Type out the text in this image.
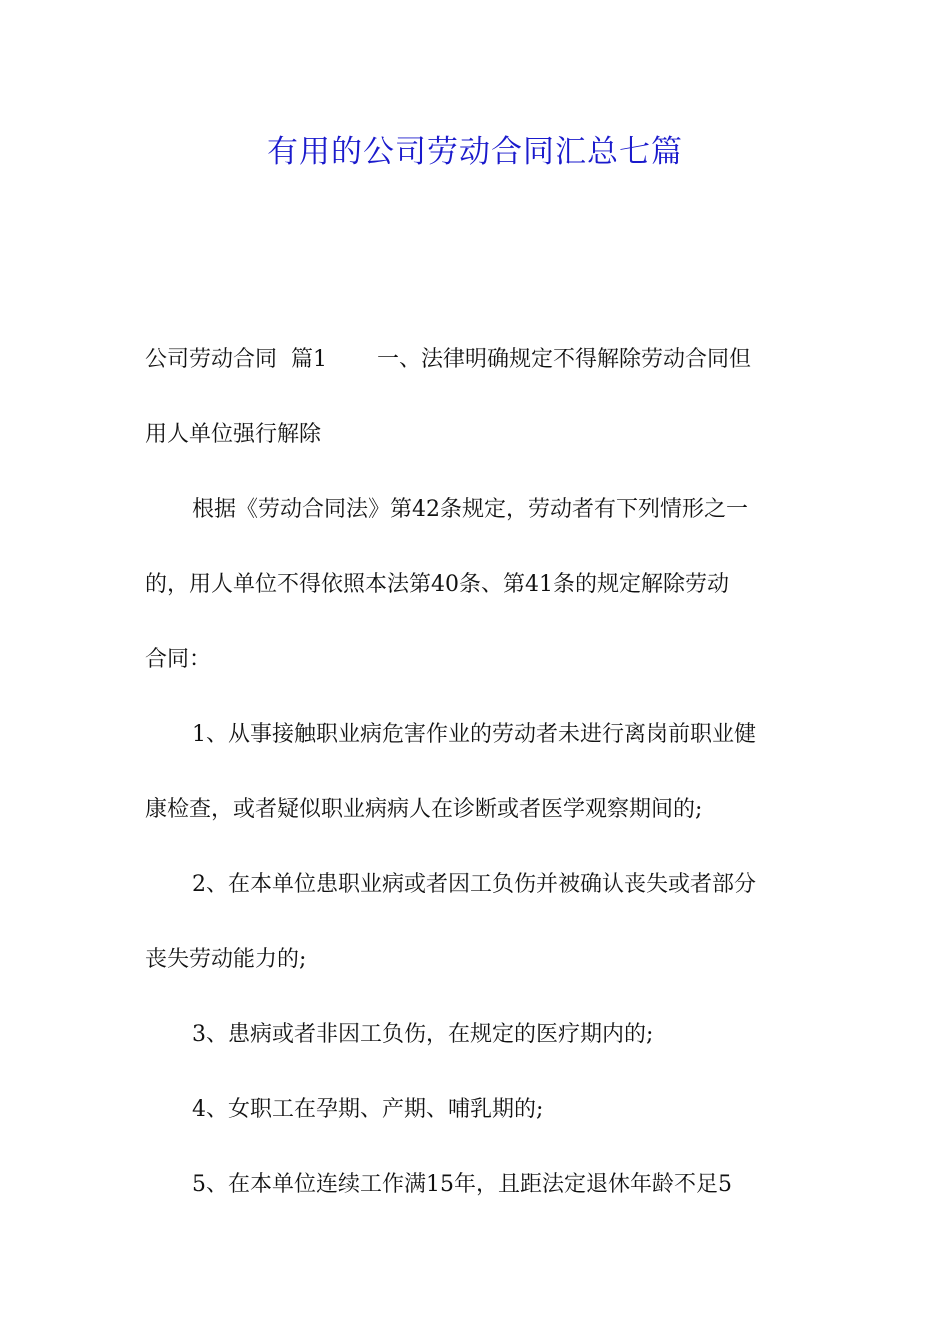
有用的公司劳动合同汇总七篇
公司劳动合同  篇1 一、法律明确规定不得解除劳动合同但
用人单位强行解除
根据《劳动合同法》第42条规定，劳动者有下列情形之一
的，用人单位不得依照本法第40条、第41条的规定解除劳动
合同：
1、从事接触职业病危害作业的劳动者未进行离岗前职业健
康检查，或者疑似职业病病人在诊断或者医学观察期间的;
2、在本单位患职业病或者因工负伤并被确认丧失或者部分
丧失劳动能力的;
3、患病或者非因工负伤，在规定的医疗期内的;
4、女职工在孕期、产期、哺乳期的;
5、在本单位连续工作满15年，且距法定退休年龄不足5
